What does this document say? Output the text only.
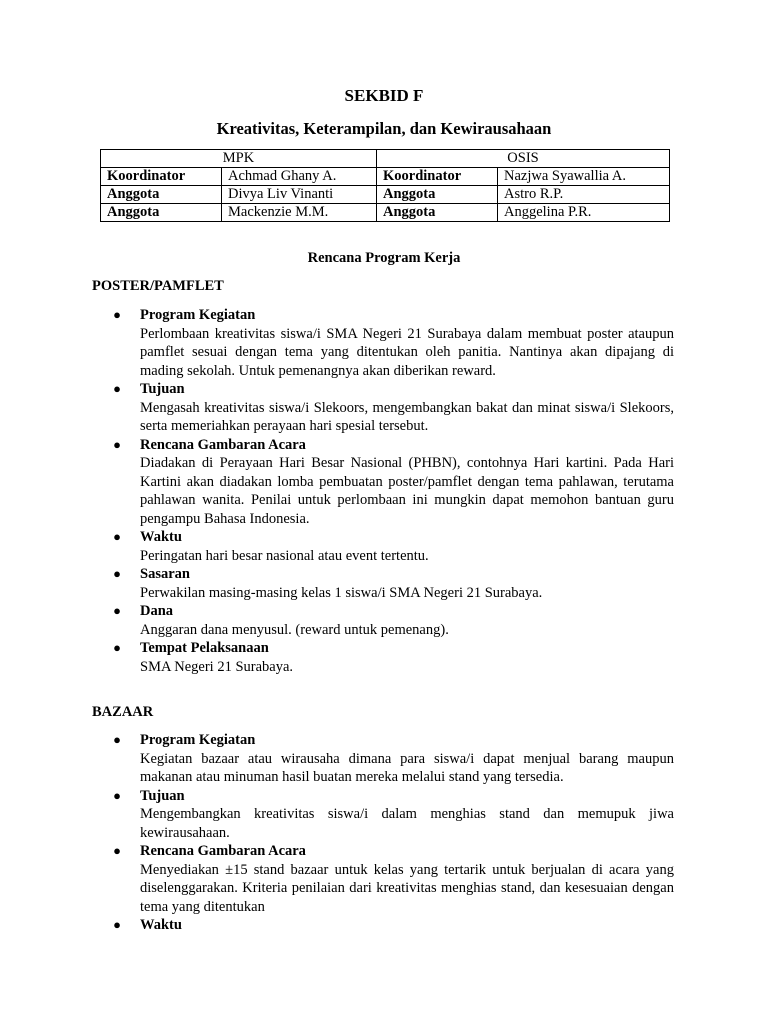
SEKBID F
Kreativitas, Keterampilan, dan Kewirausahaan
MPK		OSIS	
Koordinator	Achmad Ghany A.	Koordinator	Nazjwa Syawallia A.
Anggota	Divya Liv Vinanti	Anggota	Astro R.P.
Anggota	Mackenzie M.M.	Anggota	Anggelina P.R.
Rencana Program Kerja
POSTER/PAMFLET
●	Program Kegiatan
Perlombaan kreativitas siswa/i SMA Negeri 21 Surabaya dalam membuat poster ataupun pamflet sesuai dengan tema yang ditentukan oleh panitia. Nantinya akan dipajang di mading sekolah. Untuk pemenangnya akan diberikan reward.
●	Tujuan
Mengasah kreativitas siswa/i Slekoors, mengembangkan bakat dan minat siswa/i Slekoors, serta memeriahkan perayaan hari spesial tersebut.
●	Rencana Gambaran Acara
Diadakan di Perayaan Hari Besar Nasional (PHBN), contohnya Hari kartini. Pada Hari Kartini akan diadakan lomba pembuatan poster/pamflet dengan tema pahlawan, terutama pahlawan wanita. Penilai untuk perlombaan ini mungkin dapat memohon bantuan guru pengampu Bahasa Indonesia.
●	Waktu
Peringatan hari besar nasional atau event tertentu.
●	Sasaran
Perwakilan masing-masing kelas 1 siswa/i SMA Negeri 21 Surabaya.
●	Dana
Anggaran dana menyusul. (reward untuk pemenang).
●	Tempat Pelaksanaan
SMA Negeri 21 Surabaya.
BAZAAR
●	Program Kegiatan
Kegiatan bazaar atau wirausaha dimana para siswa/i dapat menjual barang maupun makanan atau minuman hasil buatan mereka melalui stand yang tersedia.
●	Tujuan
Mengembangkan kreativitas siswa/i dalam menghias stand dan memupuk jiwa kewirausahaan.
●	Rencana Gambaran Acara
Menyediakan ±15 stand bazaar untuk kelas yang tertarik untuk berjualan di acara yang diselenggarakan. Kriteria penilaian dari kreativitas menghias stand, dan kesesuaian dengan tema yang ditentukan
●	Waktu
